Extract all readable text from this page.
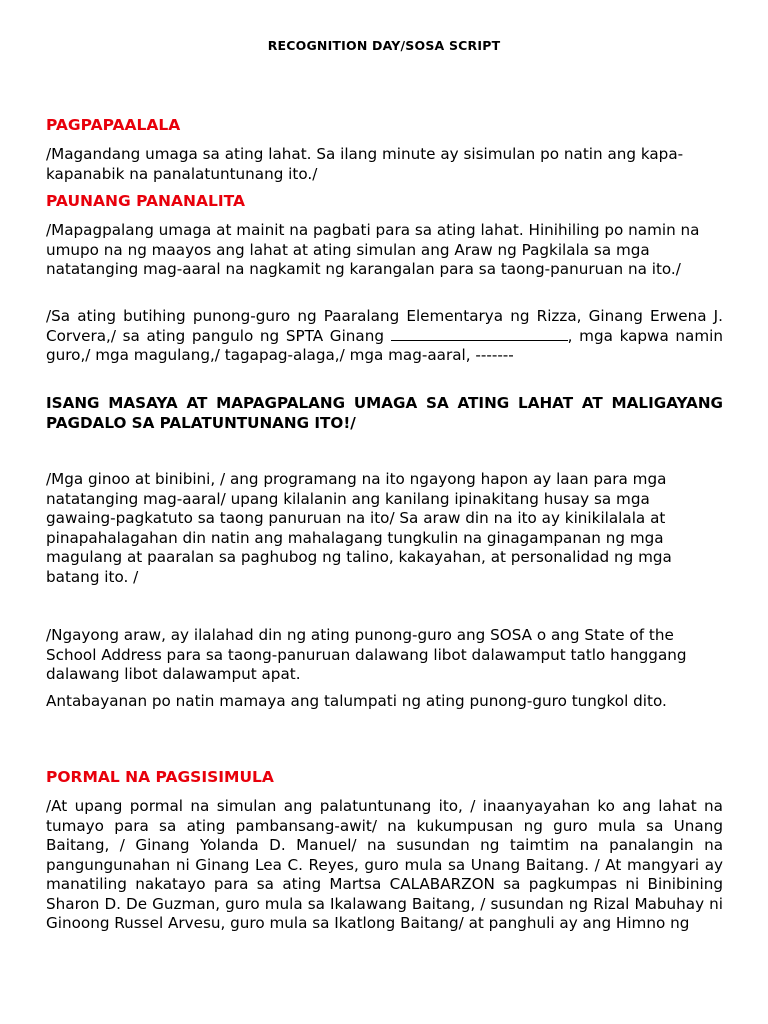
RECOGNITION DAY/SOSA SCRIPT
PAGPAPAALALA

/Magandang umaga sa ating lahat. Sa ilang minute ay sisimulan po natin ang kapa-kapanabik na panalatuntunang ito./

PAUNANG PANANALITA

/Mapagpalang umaga at mainit na pagbati para sa ating lahat. Hinihiling po namin na umupo na ng maayos ang lahat at ating simulan ang Araw ng Pagkilala sa mga natatanging mag-aaral na nagkamit ng karangalan para sa taong-panuruan na ito./

/Sa ating butihing punong-guro ng Paaralang Elementarya ng Rizza, Ginang Erwena J. Corvera,/ sa ating pangulo ng SPTA Ginang	, mga kapwa namin guro,/ mga magulang,/ tagapag-alaga,/ mga mag-aaral, -------

ISANG MASAYA AT MAPAGPALANG UMAGA SA ATING LAHAT AT MALIGAYANG PAGDALO SA PALATUNTUNANG ITO!/

/Mga ginoo at binibini, / ang programang na ito ngayong hapon ay laan para mga natatanging mag-aaral/ upang kilalanin ang kanilang ipinakitang husay sa mga gawaing-pagkatuto sa taong panuruan na ito/ Sa araw din na ito ay kinikilalala at pinapahalagahan din natin ang mahalagang tungkulin na ginagampanan ng mga magulang at paaralan sa paghubog ng talino, kakayahan, at personalidad ng mga batang ito. /

/Ngayong araw, ay ilalahad din ng ating punong-guro ang SOSA o ang State of the School Address para sa taong-panuruan dalawang libot dalawamput tatlo hanggang dalawang libot dalawamput apat.

Antabayanan po natin mamaya ang talumpati ng ating punong-guro tungkol dito.

PORMAL NA PAGSISIMULA

/At upang pormal na simulan ang palatuntunang ito, / inaanyayahan ko ang lahat na tumayo para sa ating pambansang-awit/ na kukumpusan ng guro mula sa Unang Baitang, / Ginang Yolanda D. Manuel/ na susundan ng taimtim na panalangin na pangungunahan ni Ginang Lea C. Reyes, guro mula sa Unang Baitang. / At mangyari ay manatiling nakatayo para sa ating Martsa CALABARZON sa pagkumpas ni Binibining Sharon D. De Guzman, guro mula sa Ikalawang Baitang, / susundan ng Rizal Mabuhay ni Ginoong Russel Arvesu, guro mula sa Ikatlong Baitang/ at panghuli ay ang Himno ng
